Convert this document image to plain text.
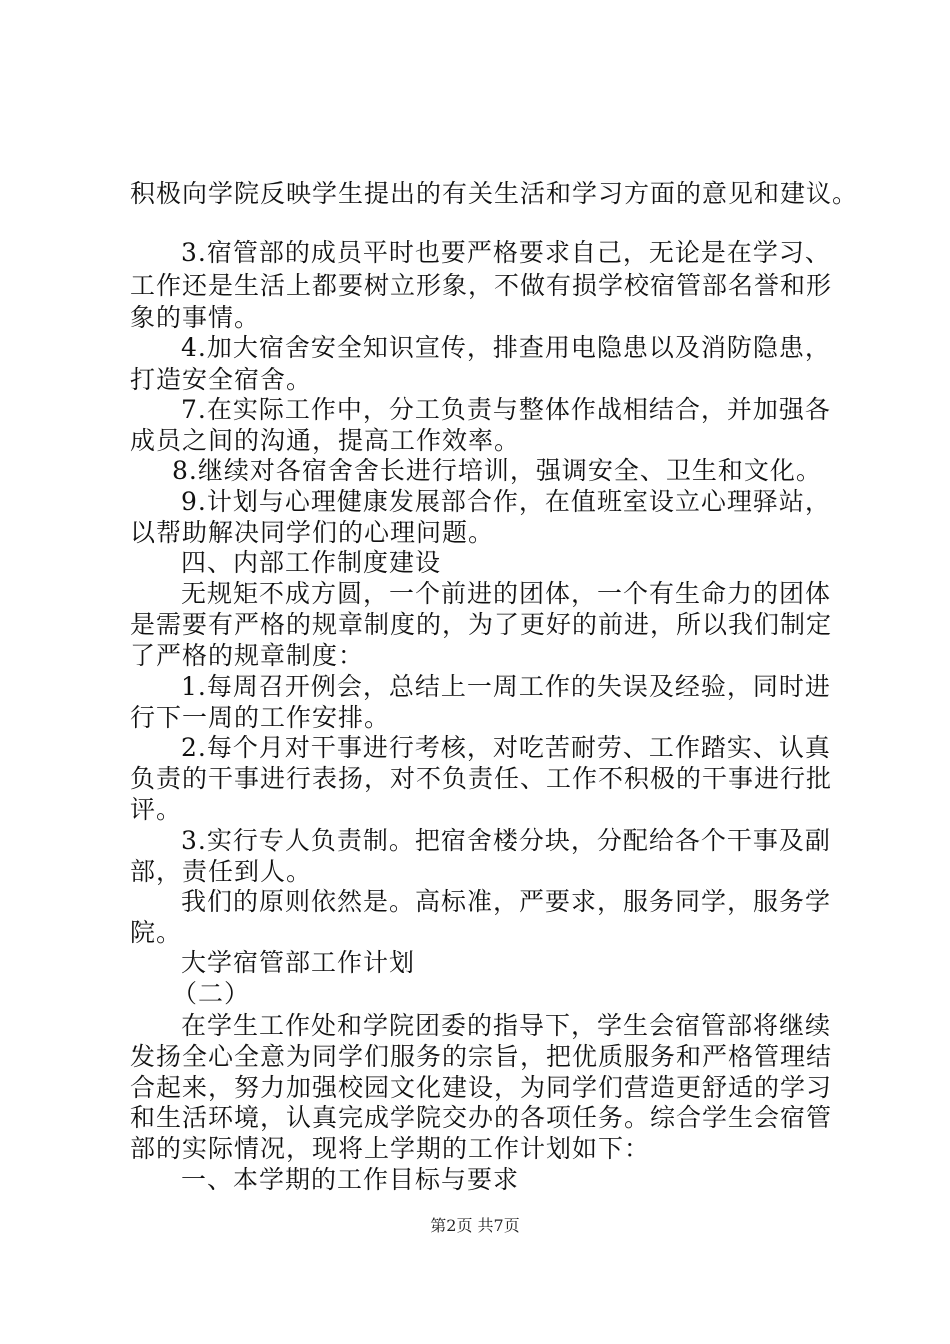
积极向学院反映学生提出的有关生活和学习方面的意见和建议。
3.宿管部的成员平时也要严格要求自己，无论是在学习、
工作还是生活上都要树立形象，不做有损学校宿管部名誉和形
象的事情。
4.加大宿舍安全知识宣传，排查用电隐患以及消防隐患，
打造安全宿舍。
7.在实际工作中，分工负责与整体作战相结合，并加强各
成员之间的沟通，提高工作效率。
8.继续对各宿舍舍长进行培训，强调安全、卫生和文化。
9.计划与心理健康发展部合作，在值班室设立心理驿站，
以帮助解决同学们的心理问题。
四、内部工作制度建设
无规矩不成方圆，一个前进的团体，一个有生命力的团体
是需要有严格的规章制度的，为了更好的前进，所以我们制定
了严格的规章制度：
1.每周召开例会，总结上一周工作的失误及经验，同时进
行下一周的工作安排。
2.每个月对干事进行考核，对吃苦耐劳、工作踏实、认真
负责的干事进行表扬，对不负责任、工作不积极的干事进行批
评。
3.实行专人负责制。把宿舍楼分块，分配给各个干事及副
部，责任到人。
我们的原则依然是。高标准，严要求，服务同学，服务学
院。
大学宿管部工作计划
（二）
在学生工作处和学院团委的指导下，学生会宿管部将继续
发扬全心全意为同学们服务的宗旨，把优质服务和严格管理结
合起来，努力加强校园文化建设，为同学们营造更舒适的学习
和生活环境，认真完成学院交办的各项任务。综合学生会宿管
部的实际情况，现将上学期的工作计划如下：
一、本学期的工作目标与要求
第2页 共7页
